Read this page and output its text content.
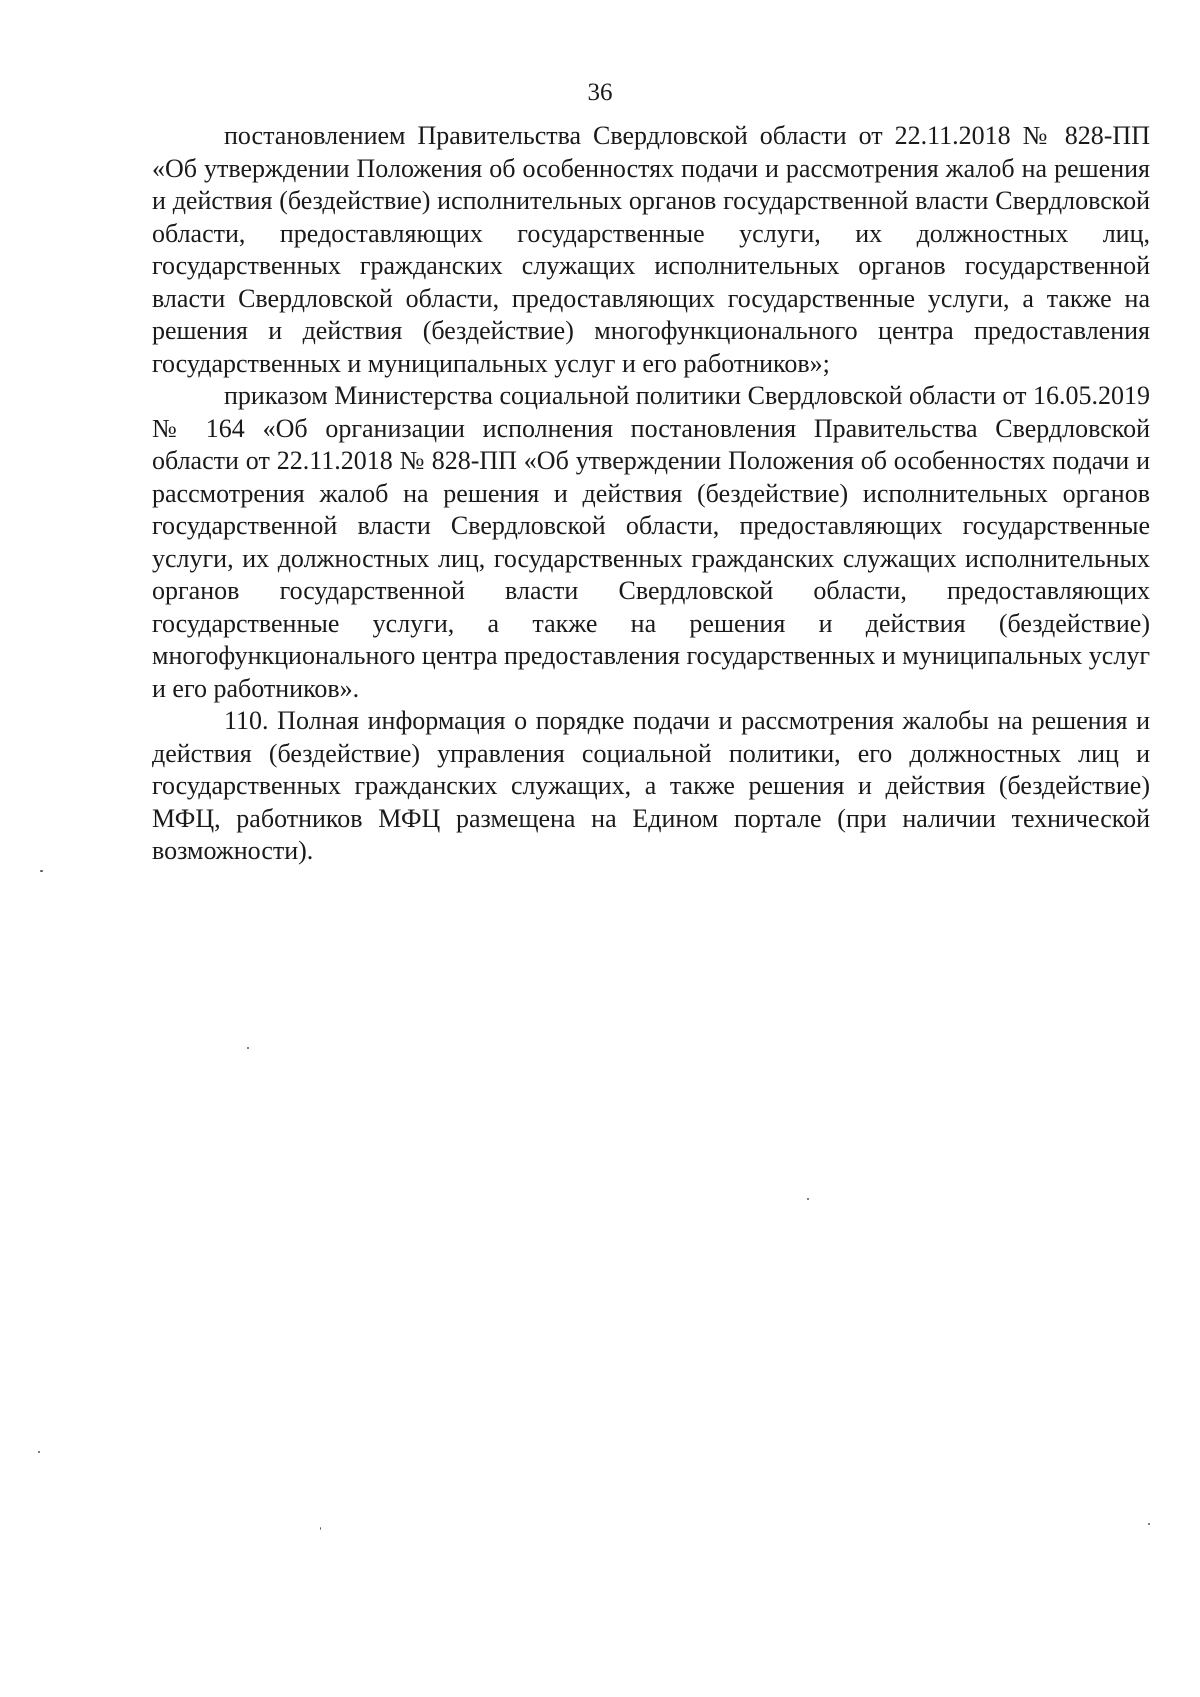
36

постановлением Правительства Свердловской области от 22.11.2018 № 828-ПП «Об утверждении Положения об особенностях подачи и рассмотрения жалоб на решения и действия (бездействие) исполнительных органов государственной власти Свердловской области, предоставляющих государственные услуги, их должностных лиц, государственных гражданских служащих исполнительных органов государственной власти Свердловской области, предоставляющих государственные услуги, а также на решения и действия (бездействие) многофункционального центра предоставления государственных и муниципальных услуг и его работников»;

приказом Министерства социальной политики Свердловской области от 16.05.2019 № 164 «Об организации исполнения постановления Правительства Свердловской области от 22.11.2018 № 828-ПП «Об утверждении Положения об особенностях подачи и рассмотрения жалоб на решения и действия (бездействие) исполнительных органов государственной власти Свердловской области, предоставляющих государственные услуги, их должностных лиц, государственных гражданских служащих исполнительных органов государственной власти Свердловской области, предоставляющих государственные услуги, а также на решения и действия (бездействие) многофункционального центра предоставления государственных и муниципальных услуг и его работников».

110. Полная информация о порядке подачи и рассмотрения жалобы на решения и действия (бездействие) управления социальной политики, его должностных лиц и государственных гражданских служащих, а также решения и действия (бездействие) МФЦ, работников МФЦ размещена на Едином портале (при наличии технической возможности).
